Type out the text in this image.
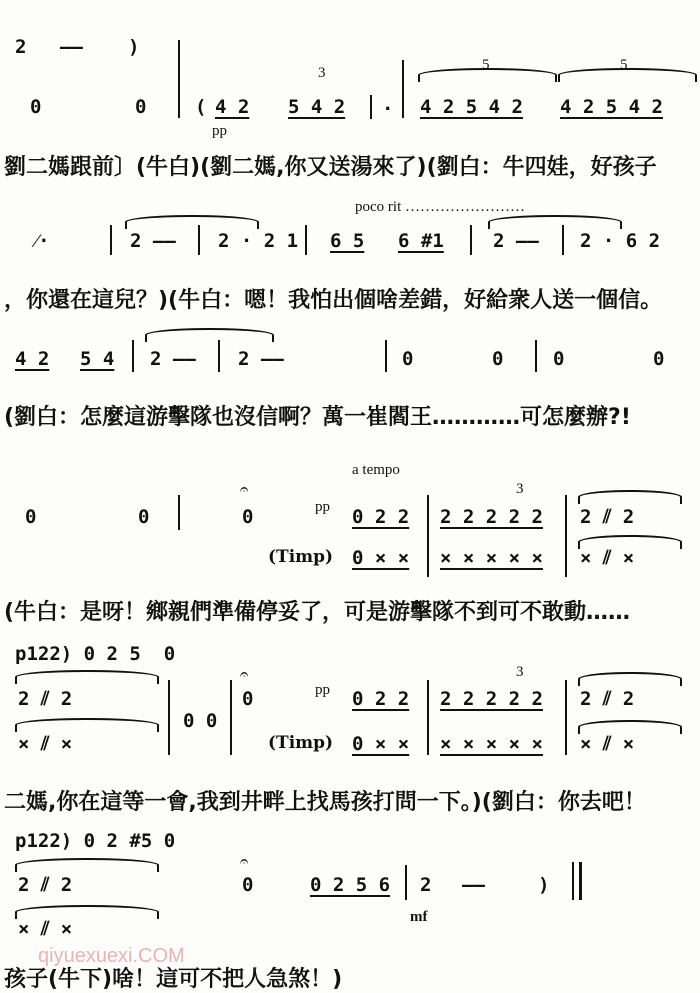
2 —— )
0	0	( 4 2 5 4 2
3
· 4 2 5 4 2
5
4 2 5 4 2
5
pp
劉二媽跟前〕(牛白)(劉二媽,你又送湯來了)(劉白：牛四娃，好孩子
poco rit ……………………
⁄·	2 —— 2 · 2 1 6 5 6 #1	2 —— 2 · 6 2
，你還在這兒？)(牛白：嗯！我怕出個啥差錯，好給衆人送一個信。
4 2 5 4 2 —— 2 ——	0	0	0	0
(劉白：怎麼這游擊隊也沒信啊？萬一崔閻王…………可怎麼辦?!
a tempo
0	0
𝄐
0	pp 0 2 2 2 2 2 2 2
3
2 ⫽ 2
(Timp) 0 × × × × × × × × ⫽ ×
(牛白：是呀！鄉親們準備停妥了，可是游擊隊不到可不敢動……
p122) 0 2 5  0
2 ⫽ 2
0 0
𝄐
0	pp 0 2 2 2 2 2 2 2
3
2 ⫽ 2
× ⫽ ×	(Timp) 0 × × × × × × × × ⫽ ×
二媽,你在這等一會,我到井畔上找馬孩打問一下。)(劉白：你去吧！
p122) 0 2 #5 0
2 ⫽ 2
𝄐
0	0 2 5 6 2 ——	)
mf
× ⫽ ×
qiyuexuexi.COM
孩子(牛下)啥！這可不把人急煞！)
